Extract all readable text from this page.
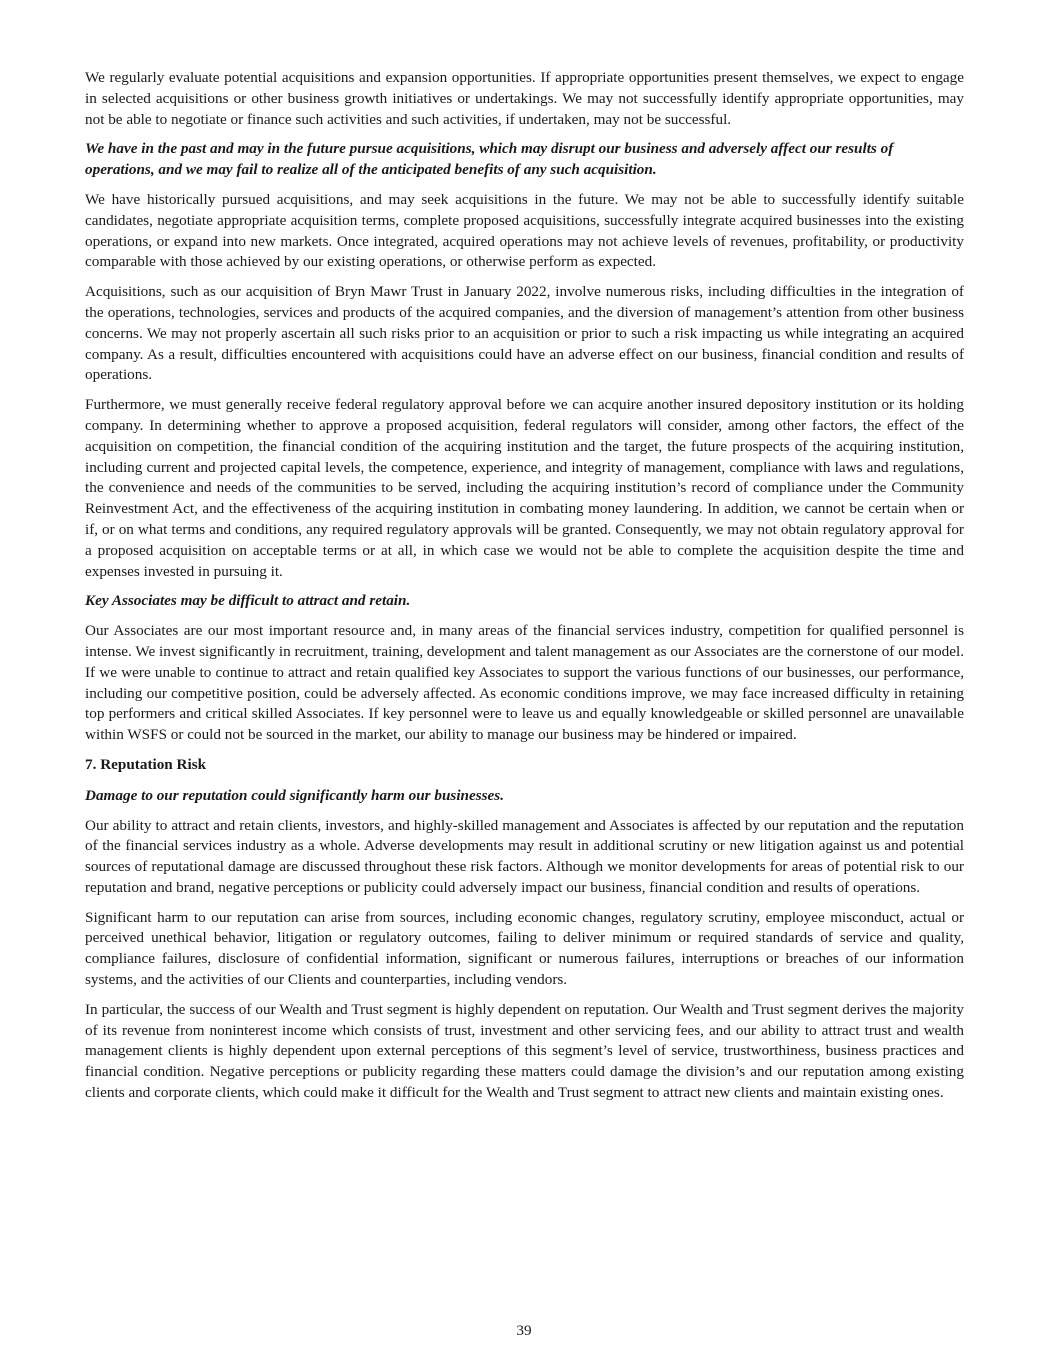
We regularly evaluate potential acquisitions and expansion opportunities. If appropriate opportunities present themselves, we expect to engage in selected acquisitions or other business growth initiatives or undertakings. We may not successfully identify appropriate opportunities, may not be able to negotiate or finance such activities and such activities, if undertaken, may not be successful.

We have in the past and may in the future pursue acquisitions, which may disrupt our business and adversely affect our results of operations, and we may fail to realize all of the anticipated benefits of any such acquisition.

We have historically pursued acquisitions, and may seek acquisitions in the future. We may not be able to successfully identify suitable candidates, negotiate appropriate acquisition terms, complete proposed acquisitions, successfully integrate acquired businesses into the existing operations, or expand into new markets. Once integrated, acquired operations may not achieve levels of revenues, profitability, or productivity comparable with those achieved by our existing operations, or otherwise perform as expected.

Acquisitions, such as our acquisition of Bryn Mawr Trust in January 2022, involve numerous risks, including difficulties in the integration of the operations, technologies, services and products of the acquired companies, and the diversion of management’s attention from other business concerns. We may not properly ascertain all such risks prior to an acquisition or prior to such a risk impacting us while integrating an acquired company. As a result, difficulties encountered with acquisitions could have an adverse effect on our business, financial condition and results of operations.

Furthermore, we must generally receive federal regulatory approval before we can acquire another insured depository institution or its holding company. In determining whether to approve a proposed acquisition, federal regulators will consider, among other factors, the effect of the acquisition on competition, the financial condition of the acquiring institution and the target, the future prospects of the acquiring institution, including current and projected capital levels, the competence, experience, and integrity of management, compliance with laws and regulations, the convenience and needs of the communities to be served, including the acquiring institution’s record of compliance under the Community Reinvestment Act, and the effectiveness of the acquiring institution in combating money laundering. In addition, we cannot be certain when or if, or on what terms and conditions, any required regulatory approvals will be granted. Consequently, we may not obtain regulatory approval for a proposed acquisition on acceptable terms or at all, in which case we would not be able to complete the acquisition despite the time and expenses invested in pursuing it.

Key Associates may be difficult to attract and retain.

Our Associates are our most important resource and, in many areas of the financial services industry, competition for qualified personnel is intense. We invest significantly in recruitment, training, development and talent management as our Associates are the cornerstone of our model. If we were unable to continue to attract and retain qualified key Associates to support the various functions of our businesses, our performance, including our competitive position, could be adversely affected. As economic conditions improve, we may face increased difficulty in retaining top performers and critical skilled Associates. If key personnel were to leave us and equally knowledgeable or skilled personnel are unavailable within WSFS or could not be sourced in the market, our ability to manage our business may be hindered or impaired.

7. Reputation Risk

Damage to our reputation could significantly harm our businesses.

Our ability to attract and retain clients, investors, and highly-skilled management and Associates is affected by our reputation and the reputation of the financial services industry as a whole. Adverse developments may result in additional scrutiny or new litigation against us and potential sources of reputational damage are discussed throughout these risk factors. Although we monitor developments for areas of potential risk to our reputation and brand, negative perceptions or publicity could adversely impact our business, financial condition and results of operations.

Significant harm to our reputation can arise from sources, including economic changes, regulatory scrutiny, employee misconduct, actual or perceived unethical behavior, litigation or regulatory outcomes, failing to deliver minimum or required standards of service and quality, compliance failures, disclosure of confidential information, significant or numerous failures, interruptions or breaches of our information systems, and the activities of our Clients and counterparties, including vendors.

In particular, the success of our Wealth and Trust segment is highly dependent on reputation. Our Wealth and Trust segment derives the majority of its revenue from noninterest income which consists of trust, investment and other servicing fees, and our ability to attract trust and wealth management clients is highly dependent upon external perceptions of this segment’s level of service, trustworthiness, business practices and financial condition. Negative perceptions or publicity regarding these matters could damage the division’s and our reputation among existing clients and corporate clients, which could make it difficult for the Wealth and Trust segment to attract new clients and maintain existing ones.

39
